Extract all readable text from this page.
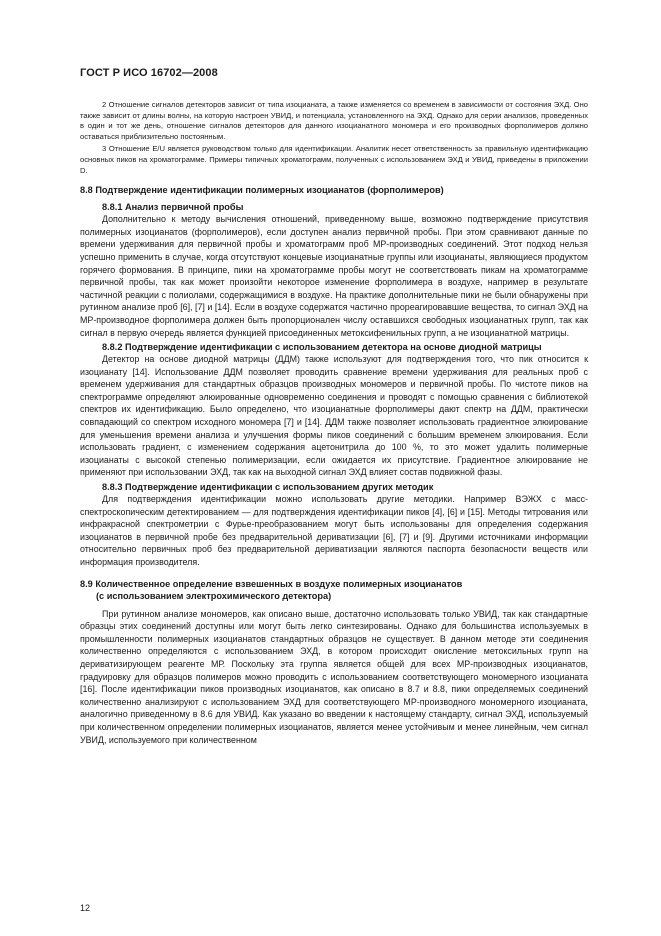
ГОСТ Р ИСО 16702—2008

2 Отношение сигналов детекторов зависит от типа изоцианата, а также изменяется со временем в зависимости от состояния ЭХД. Оно также зависит от длины волны, на которую настроен УВИД, и потенциала, установленного на ЭХД. Однако для серии анализов, проведенных в один и тот же день, отношение сигналов детекторов для данного изоцианатного мономера и его производных форполимеров должно оставаться приблизительно постоянным.

3 Отношение E/U является руководством только для идентификации. Аналитик несет ответственность за правильную идентификацию основных пиков на хроматограмме. Примеры типичных хроматограмм, полученных с использованием ЭХД и УВИД, приведены в приложении D.

8.8 Подтверждение идентификации полимерных изоцианатов (форполимеров)
8.8.1 Анализ первичной пробы

Дополнительно к методу вычисления отношений, приведенному выше, возможно подтверждение присутствия полимерных изоцианатов (форполимеров), если доступен анализ первичной пробы. При этом сравнивают данные по времени удерживания для первичной пробы и хроматограмм проб МР-производных соединений. Этот подход нельзя успешно применить в случае, когда отсутствуют концевые изоцианатные группы или изоцианаты, являющиеся продуктом горячего формования. В принципе, пики на хроматограмме пробы могут не соответствовать пикам на хроматограмме первичной пробы, так как может произойти некоторое изменение форполимера в воздухе, например в результате частичной реакции с полиолами, содержащимися в воздухе. На практике дополнительные пики не были обнаружены при рутинном анализе проб [6], [7] и [14]. Если в воздухе содержатся частично прореагировавшие вещества, то сигнал ЭХД на МР-производное форполимера должен быть пропорционален числу оставшихся свободных изоцианатных групп, так как сигнал в первую очередь является функцией присоединенных метоксифенильных групп, а не изоцианатной матрицы.

8.8.2 Подтверждение идентификации с использованием детектора на основе диодной матрицы

Детектор на основе диодной матрицы (ДДМ) также используют для подтверждения того, что пик относится к изоцианату [14]. Использование ДДМ позволяет проводить сравнение времени удерживания для реальных проб с временем удерживания для стандартных образцов производных мономеров и первичной пробы. По чистоте пиков на спектрограмме определяют элюированные одновременно соединения и проводят с помощью сравнения с библиотекой спектров их идентификацию. Было определено, что изоцианатные форполимеры дают спектр на ДДМ, практически совпадающий со спектром исходного мономера [7] и [14]. ДДМ также позволяет использовать градиентное элюирование для уменьшения времени анализа и улучшения формы пиков соединений с большим временем элюирования. Если использовать градиент, с изменением содержания ацетонитрила до 100 %, то это может удалить полимерные изоцианаты с высокой степенью полимеризации, если ожидается их присутствие. Градиентное элюирование не применяют при использовании ЭХД, так как на выходной сигнал ЭХД влияет состав подвижной фазы.

8.8.3 Подтверждение идентификации с использованием других методик

Для подтверждения идентификации можно использовать другие методики. Например ВЭЖХ с масс-спектроскопическим детектированием — для подтверждения идентификации пиков [4], [6] и [15]. Методы титрования или инфракрасной спектрометрии с Фурье-преобразованием могут быть использованы для определения содержания изоцианатов в первичной пробе без предварительной дериватизации [6], [7] и [9]. Другими источниками информации относительно первичных проб без предварительной дериватизации являются паспорта безопасности веществ или информация производителя.

8.9 Количественное определение взвешенных в воздухе полимерных изоцианатов
(с использованием электрохимического детектора)

При рутинном анализе мономеров, как описано выше, достаточно использовать только УВИД, так как стандартные образцы этих соединений доступны или могут быть легко синтезированы. Однако для большинства используемых в промышленности полимерных изоцианатов стандартных образцов не существует. В данном методе эти соединения количественно определяются с использованием ЭХД, в котором происходит окисление метоксильных групп на дериватизирующем реагенте МР. Поскольку эта группа является общей для всех МР-производных изоцианатов, градуировку для образцов полимеров можно проводить с использованием соответствующего мономерного изоцианата [16]. После идентификации пиков производных изоцианатов, как описано в 8.7 и 8.8, пики определяемых соединений количественно анализируют с использованием ЭХД для соответствующего МР-производного мономерного изоцианата, аналогично приведенному в 8.6 для УВИД. Как указано во введении к настоящему стандарту, сигнал ЭХД, используемый при количественном определении полимерных изоцианатов, является менее устойчивым и менее линейным, чем сигнал УВИД, используемого при количественном

12
